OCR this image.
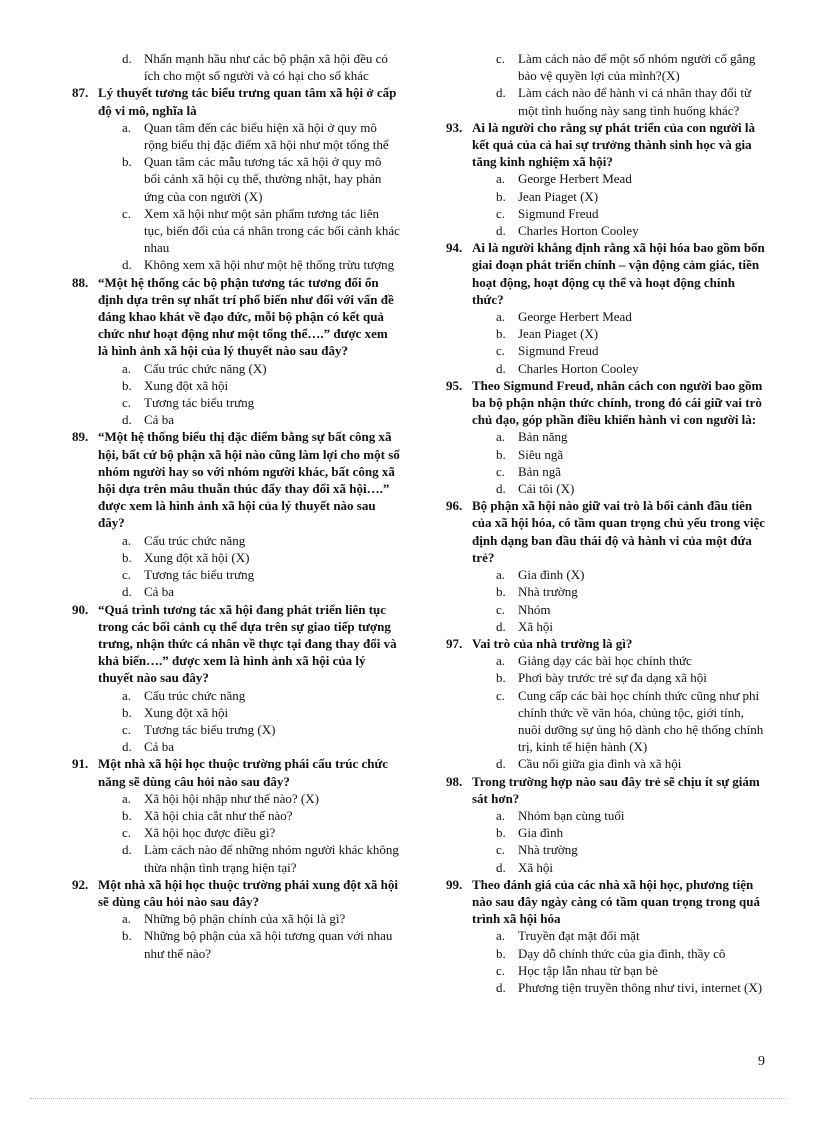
d. Nhấn mạnh hầu như các bộ phận xã hội đều có ích cho một số người và có hại cho số khác
87. Lý thuyết tương tác biểu trưng quan tâm xã hội ở cấp độ vi mô, nghĩa là
a. Quan tâm đến các biểu hiện xã hội ở quy mô rộng biểu thị đặc điểm xã hội như một tổng thể
b. Quan tâm các mẫu tương tác xã hội ở quy mô bối cảnh xã hội cụ thể, thường nhật, hay phản ứng của con người (X)
c. Xem xã hội như một sản phẩm tương tác liên tục, biến đổi của cá nhân trong các bối cảnh khác nhau
d. Không xem xã hội như một hệ thống trừu tượng
88. “Một hệ thống các bộ phận tương tác tương đối ổn định dựa trên sự nhất trí phổ biến như đối với vấn đề đáng khao khát về đạo đức, mỗi bộ phận có kết quả chức như hoạt động như một tổng thể….” được xem là hình ảnh xã hội của lý thuyết nào sau đây?
a. Cấu trúc chức năng (X)
b. Xung đột xã hội
c. Tương tác biểu trưng
d. Cả ba
89. “Một hệ thống biểu thị đặc điểm bằng sự bất công xã hội, bất cứ bộ phận xã hội nào cũng làm lợi cho một số nhóm người hay so với nhóm người khác, bất công xã hội dựa trên mâu thuẫn thúc đẩy thay đổi xã hội….” được xem là hình ảnh xã hội của lý thuyết nào sau đây?
a. Cấu trúc chức năng
b. Xung đột xã hội (X)
c. Tương tác biểu trưng
d. Cả ba
90. “Quá trình tương tác xã hội đang phát triển liên tục trong các bối cảnh cụ thể dựa trên sự giao tiếp tượng trưng, nhận thức cá nhân về thực tại đang thay đổi và khả biến….” được xem là hình ảnh xã hội của lý thuyết nào sau đây?
a. Cấu trúc chức năng
b. Xung đột xã hội
c. Tương tác biểu trưng (X)
d. Cả ba
91. Một nhà xã hội học thuộc trường phái cấu trúc chức năng sẽ dùng câu hỏi nào sau đây?
a. Xã hội hội nhập như thế nào? (X)
b. Xã hội chia cắt như thế nào?
c. Xã hội học được điều gì?
d. Làm cách nào để những nhóm người khác không thừa nhận tình trạng hiện tại?
92. Một nhà xã hội học thuộc trường phái xung đột xã hội sẽ dùng câu hỏi nào sau đây?
a. Những bộ phận chính của xã hội là gì?
b. Những bộ phận của xã hội tương quan với nhau như thế nào?
c. Làm cách nào để một số nhóm người cố gắng bảo vệ quyền lợi của mình?(X)
d. Làm cách nào để hành vi cá nhân thay đổi từ một tình huống này sang tình huống khác?
93. Ai là người cho rằng sự phát triển của con người là kết quả của cả hai sự trưởng thành sinh học và gia tăng kinh nghiệm xã hội?
a. George Herbert Mead
b. Jean Piaget (X)
c. Sigmund Freud
d. Charles Horton Cooley
94. Ai là người khẳng định rằng xã hội hóa bao gồm bốn giai đoạn phát triển chính – vận động cảm giác, tiền hoạt động, hoạt động cụ thể và hoạt động chính thức?
a. George Herbert Mead
b. Jean Piaget (X)
c. Sigmund Freud
d. Charles Horton Cooley
95. Theo Sigmund Freud, nhân cách con người bao gồm ba bộ phận nhận thức chính, trong đó cái giữ vai trò chủ đạo, góp phần điều khiển hành vi con người là:
a. Bản năng
b. Siêu ngã
c. Bản ngã
d. Cái tôi (X)
96. Bộ phận xã hội nào giữ vai trò là bối cảnh đầu tiên của xã hội hóa, có tầm quan trọng chủ yếu trong việc định dạng ban đầu thái độ và hành vi của một đứa trẻ?
a. Gia đình (X)
b. Nhà trường
c. Nhóm
d. Xã hội
97. Vai trò của nhà trường là gì?
a. Giảng dạy các bài học chính thức
b. Phơi bày trước trẻ sự đa dạng xã hội
c. Cung cấp các bài học chính thức cũng như phi chính thức về văn hóa, chủng tộc, giới tính, nuôi dưỡng sự ủng hộ dành cho hệ thống chính trị, kinh tế hiện hành (X)
d. Cầu nối giữa gia đình và xã hội
98. Trong trường hợp nào sau đây trẻ sẽ chịu ít sự giám sát hơn?
a. Nhóm bạn cùng tuổi
b. Gia đình
c. Nhà trường
d. Xã hội
99. Theo đánh giá của các nhà xã hội học, phương tiện nào sau đây ngày càng có tầm quan trọng trong quá trình xã hội hóa
a. Truyền đạt mặt đối mặt
b. Dạy dỗ chính thức của gia đình, thầy cô
c. Học tập lẫn nhau từ bạn bè
d. Phương tiện truyền thông như tivi, internet (X)
9
